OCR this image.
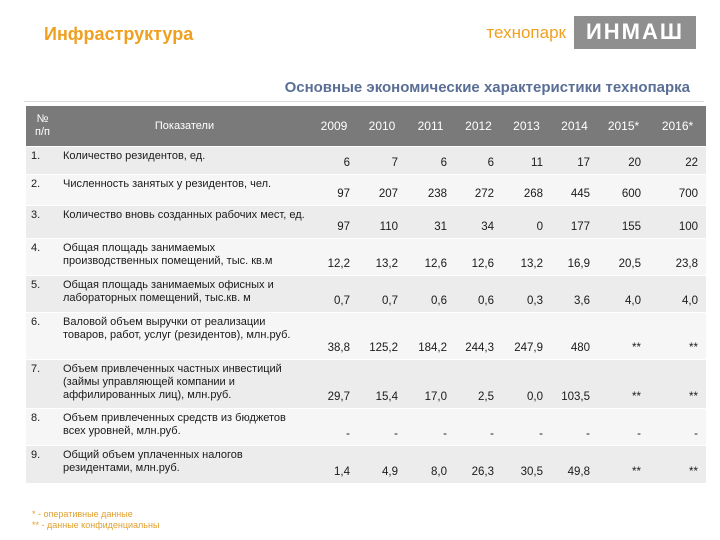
Инфраструктура	технопарк ИНМАШ
Основные экономические характеристики технопарка
№ п/п	Показатели	2009	2010	2011	2012	2013	2014	2015*	2016*
1.	Количество резидентов, ед.	6	7	6	6	11	17	20	22
2.	Численность занятых у резидентов, чел.	97	207	238	272	268	445	600	700
3.	Количество вновь созданных рабочих мест, ед.	97	110	31	34	0	177	155	100
4.	Общая площадь занимаемых производственных помещений, тыс. кв.м	12,2	13,2	12,6	12,6	13,2	16,9	20,5	23,8
5.	Общая площадь занимаемых офисных и лабораторных помещений, тыс.кв. м	0,7	0,7	0,6	0,6	0,3	3,6	4,0	4,0
6.	Валовой объем выручки от реализации товаров, работ, услуг (резидентов), млн.руб.	38,8	125,2	184,2	244,3	247,9	480	**	**
7.	Объем привлеченных частных инвестиций (займы управляющей компании и аффилированных лиц), млн.руб.	29,7	15,4	17,0	2,5	0,0	103,5	**	**
8.	Объем привлеченных средств из бюджетов всех уровней, млн.руб.	-	-	-	-	-	-	-	-
9.	Общий объем уплаченных налогов резидентами, млн.руб.	1,4	4,9	8,0	26,3	30,5	49,8	**	**
* - оперативные данные
** - данные конфиденциальны
